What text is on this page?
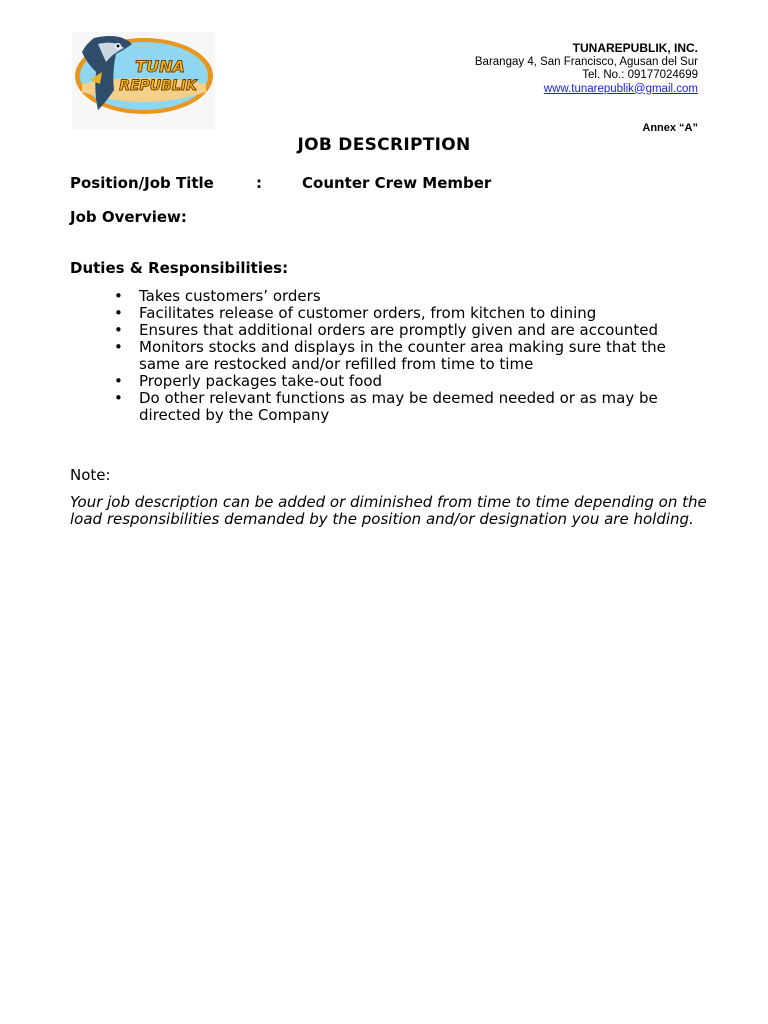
TUNA
REPUBLIK
TUNAREPUBLIK, INC.
Barangay 4, San Francisco, Agusan del Sur
Tel. No.: 09177024699
www.tunarepublik@gmail.com
Annex “A”
JOB DESCRIPTION
Position/Job Title	:	Counter Crew Member
Job Overview:
Duties & Responsibilities:
• Takes customers’ orders
• Facilitates release of customer orders, from kitchen to dining
• Ensures that additional orders are promptly given and are accounted
• Monitors stocks and displays in the counter area making sure that the same are restocked and/or refilled from time to time
• Properly packages take-out food
• Do other relevant functions as may be deemed needed or as may be directed by the Company
Note:
Your job description can be added or diminished from time to time depending on the load responsibilities demanded by the position and/or designation you are holding.
